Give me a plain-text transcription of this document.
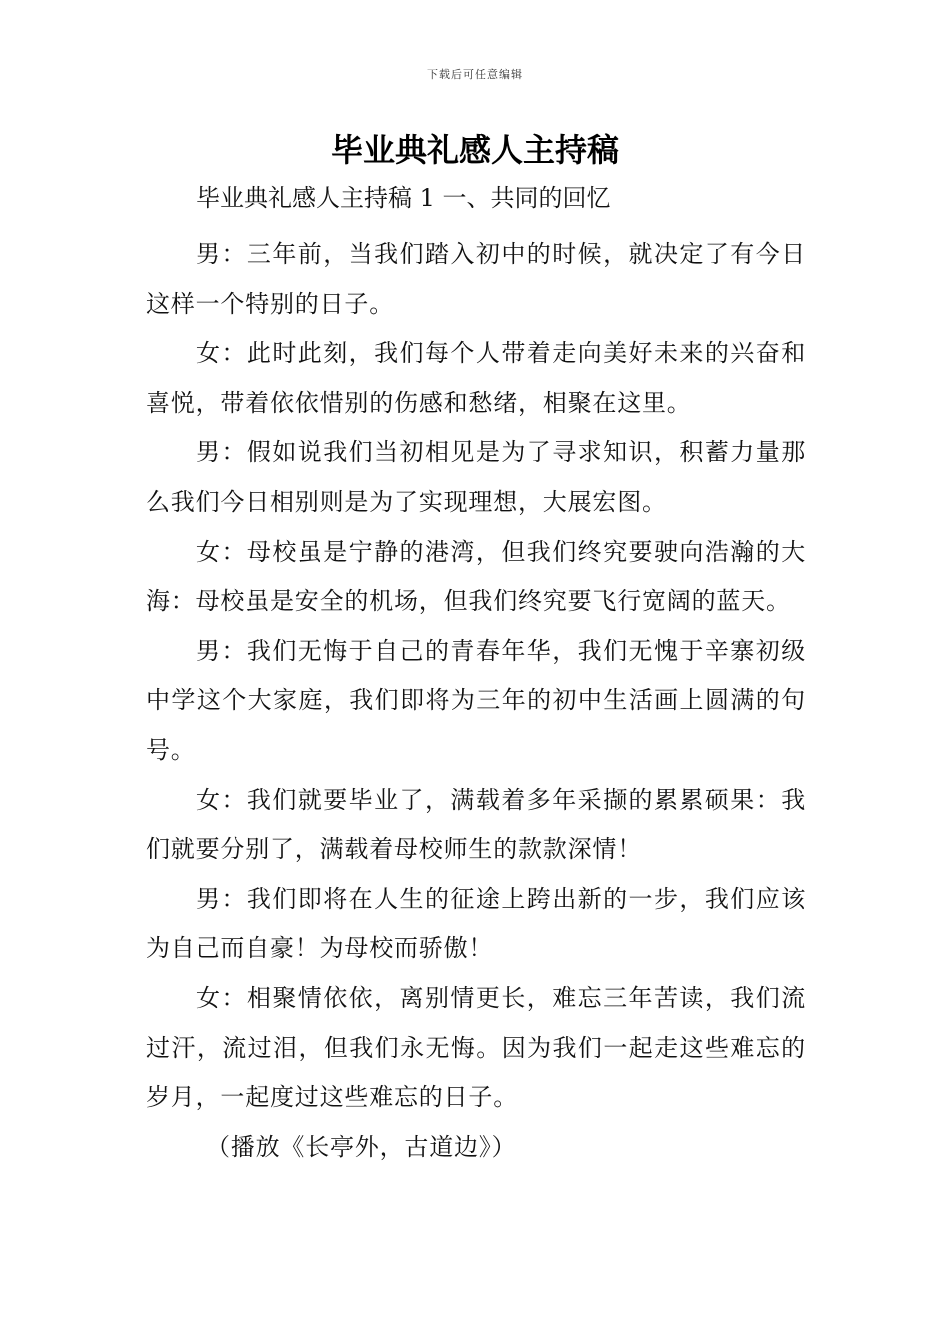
下载后可任意编辑
毕业典礼感人主持稿

毕业典礼感人主持稿 1 一、共同的回忆

男：三年前，当我们踏入初中的时候，就决定了有今日这样一个特别的日子。

女：此时此刻，我们每个人带着走向美好未来的兴奋和喜悦，带着依依惜别的伤感和愁绪，相聚在这里。

男：假如说我们当初相见是为了寻求知识，积蓄力量那么我们今日相别则是为了实现理想，大展宏图。

女：母校虽是宁静的港湾，但我们终究要驶向浩瀚的大海：母校虽是安全的机场，但我们终究要飞行宽阔的蓝天。

男：我们无悔于自己的青春年华，我们无愧于辛寨初级中学这个大家庭，我们即将为三年的初中生活画上圆满的句号。

女：我们就要毕业了，满载着多年采撷的累累硕果：我们就要分别了，满载着母校师生的款款深情！

男：我们即将在人生的征途上跨出新的一步，我们应该为自己而自豪！为母校而骄傲！

女：相聚情依依，离别情更长，难忘三年苦读，我们流过汗，流过泪，但我们永无悔。因为我们一起走这些难忘的岁月，一起度过这些难忘的日子。

（播放《长亭外，古道边》）
